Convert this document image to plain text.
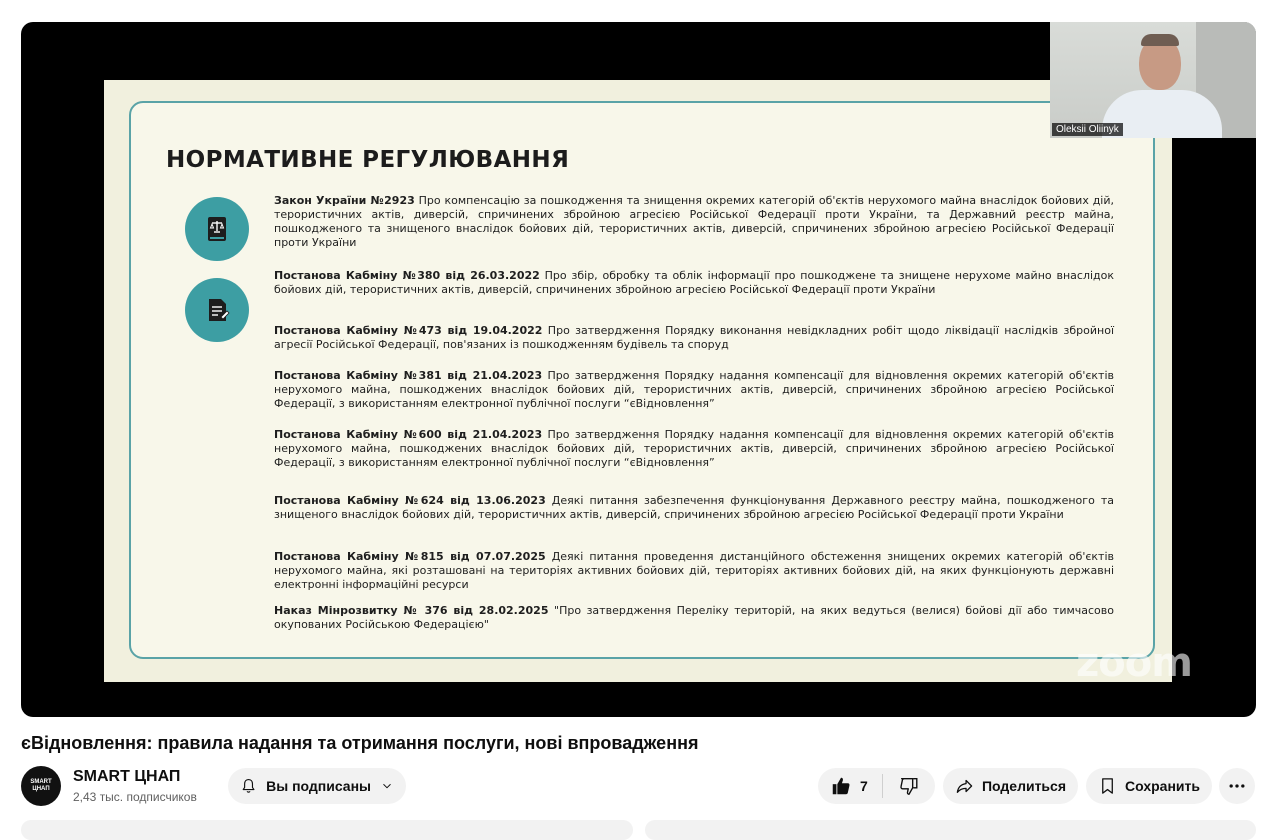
НОРМАТИВНЕ РЕГУЛЮВАННЯ

Закон України №2923 Про компенсацію за пошкодження та знищення окремих категорій об'єктів нерухомого майна внаслідок бойових дій, терористичних актів, диверсій, спричинених збройною агресією Російської Федерації проти України, та Державний реєстр майна, пошкодженого та знищеного внаслідок бойових дій, терористичних актів, диверсій, спричинених збройною агресією Російської Федерації проти України

Постанова Кабміну №380 від 26.03.2022 Про збір, обробку та облік інформації про пошкоджене та знищене нерухоме майно внаслідок бойових дій, терористичних актів, диверсій, спричинених збройною агресією Російської Федерації проти України

Постанова Кабміну №473 від 19.04.2022 Про затвердження Порядку виконання невідкладних робіт щодо ліквідації наслідків збройної агресії Російської Федерації, пов'язаних із пошкодженням будівель та споруд

Постанова Кабміну №381 від 21.04.2023 Про затвердження Порядку надання компенсації для відновлення окремих категорій об'єктів нерухомого майна, пошкоджених внаслідок бойових дій, терористичних актів, диверсій, спричинених збройною агресією Російської Федерації, з використанням електронної публічної послуги “єВідновлення”

Постанова Кабміну №600 від 21.04.2023 Про затвердження Порядку надання компенсації для відновлення окремих категорій об'єктів нерухомого майна, пошкоджених внаслідок бойових дій, терористичних актів, диверсій, спричинених збройною агресією Російської Федерації, з використанням електронної публічної послуги “єВідновлення”

Постанова Кабміну №624 від 13.06.2023 Деякі питання забезпечення функціонування Державного реєстру майна, пошкодженого та знищеного внаслідок бойових дій, терористичних актів, диверсій, спричинених збройною агресією Російської Федерації проти України

Постанова Кабміну №815 від 07.07.2025 Деякі питання проведення дистанційного обстеження знищених окремих категорій об'єктів нерухомого майна, які розташовані на територіях активних бойових дій, територіях активних бойових дій, на яких функціонують державні електронні інформаційні ресурси

Наказ Мінрозвитку № 376 від 28.02.2025 "Про затвердження Переліку територій, на яких ведуться (велися) бойові дії або тимчасово окупованих Російською Федерацією"

zoom
Oleksii Oliinyk
єВідновлення: правила надання та отримання послуги, нові впровадження
SMART ЦНАП
SMART ЦНАП
2,43 тыс. подписчиков
Вы подписаны	7	Поделиться	Сохранить
